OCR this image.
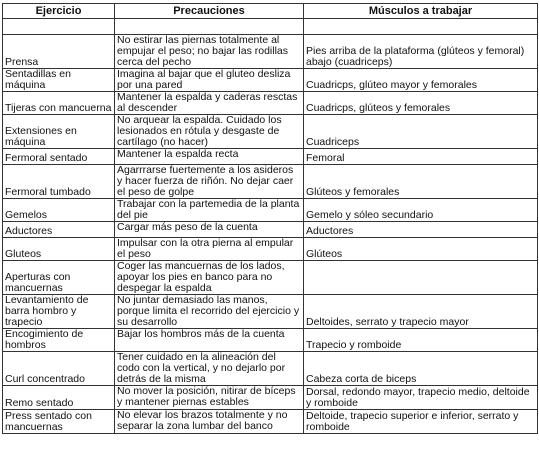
Ejercicio	Precauciones	Músculos a trabajar

Prensa	No estirar las piernas totalmente al empujar el peso; no bajar las rodillas cerca del pecho	Pies arriba de la plataforma (glúteos y femoral) abajo (cuadriceps)
Sentadillas en máquina	Imagina al bajar que el gluteo desliza por una pared	Cuadricps, glúteo mayor y femorales
Tijeras con mancuerna	Mantener la espalda y caderas resctas al descender	Cuadricps, glúteos y femorales
Extensiones en máquina	No arquear la espalda. Cuidado los lesionados en rótula y desgaste de cartílago (no hacer)	Cuadriceps
Fermoral sentado	Mantener la espalda recta	Femoral
Fermoral tumbado	Agarrrarse fuertemente a los asideros y hacer fuerza de riñón. No dejar caer el peso de golpe	Glúteos y femorales
Gemelos	Trabajar con la partemedia de la planta del pie	Gemelo y sóleo secundario
Aductores	Cargar más peso de la cuenta	Aductores
Gluteos	Impulsar con la otra pierna al empular el peso	Glúteos
Aperturas con mancuernas	Coger las mancuernas de los lados, apoyar los pies en banco para no despegar la espalda	
Levantamiento de barra hombro y trapecio	No juntar demasiado las manos, porque limita el recorrido del ejercicio y su desarrollo	Deltoides, serrato y trapecio mayor
Encogimiento de hombros	Bajar los hombros más de la cuenta	Trapecio y romboide
Curl concentrado	Tener cuidado en la alineación del codo con la vertical, y no dejarlo por detrás de la misma	Cabeza corta de biceps
Remo sentado	No mover la posición, nitirar de bíceps y mantener piernas estables	Dorsal, redondo mayor, trapecio medio, deltoide y romboide
Press sentado con mancuernas	No elevar los brazos totalmente y no separar la zona lumbar del banco	Deltoide, trapecio superior e inferior, serrato y romboide
